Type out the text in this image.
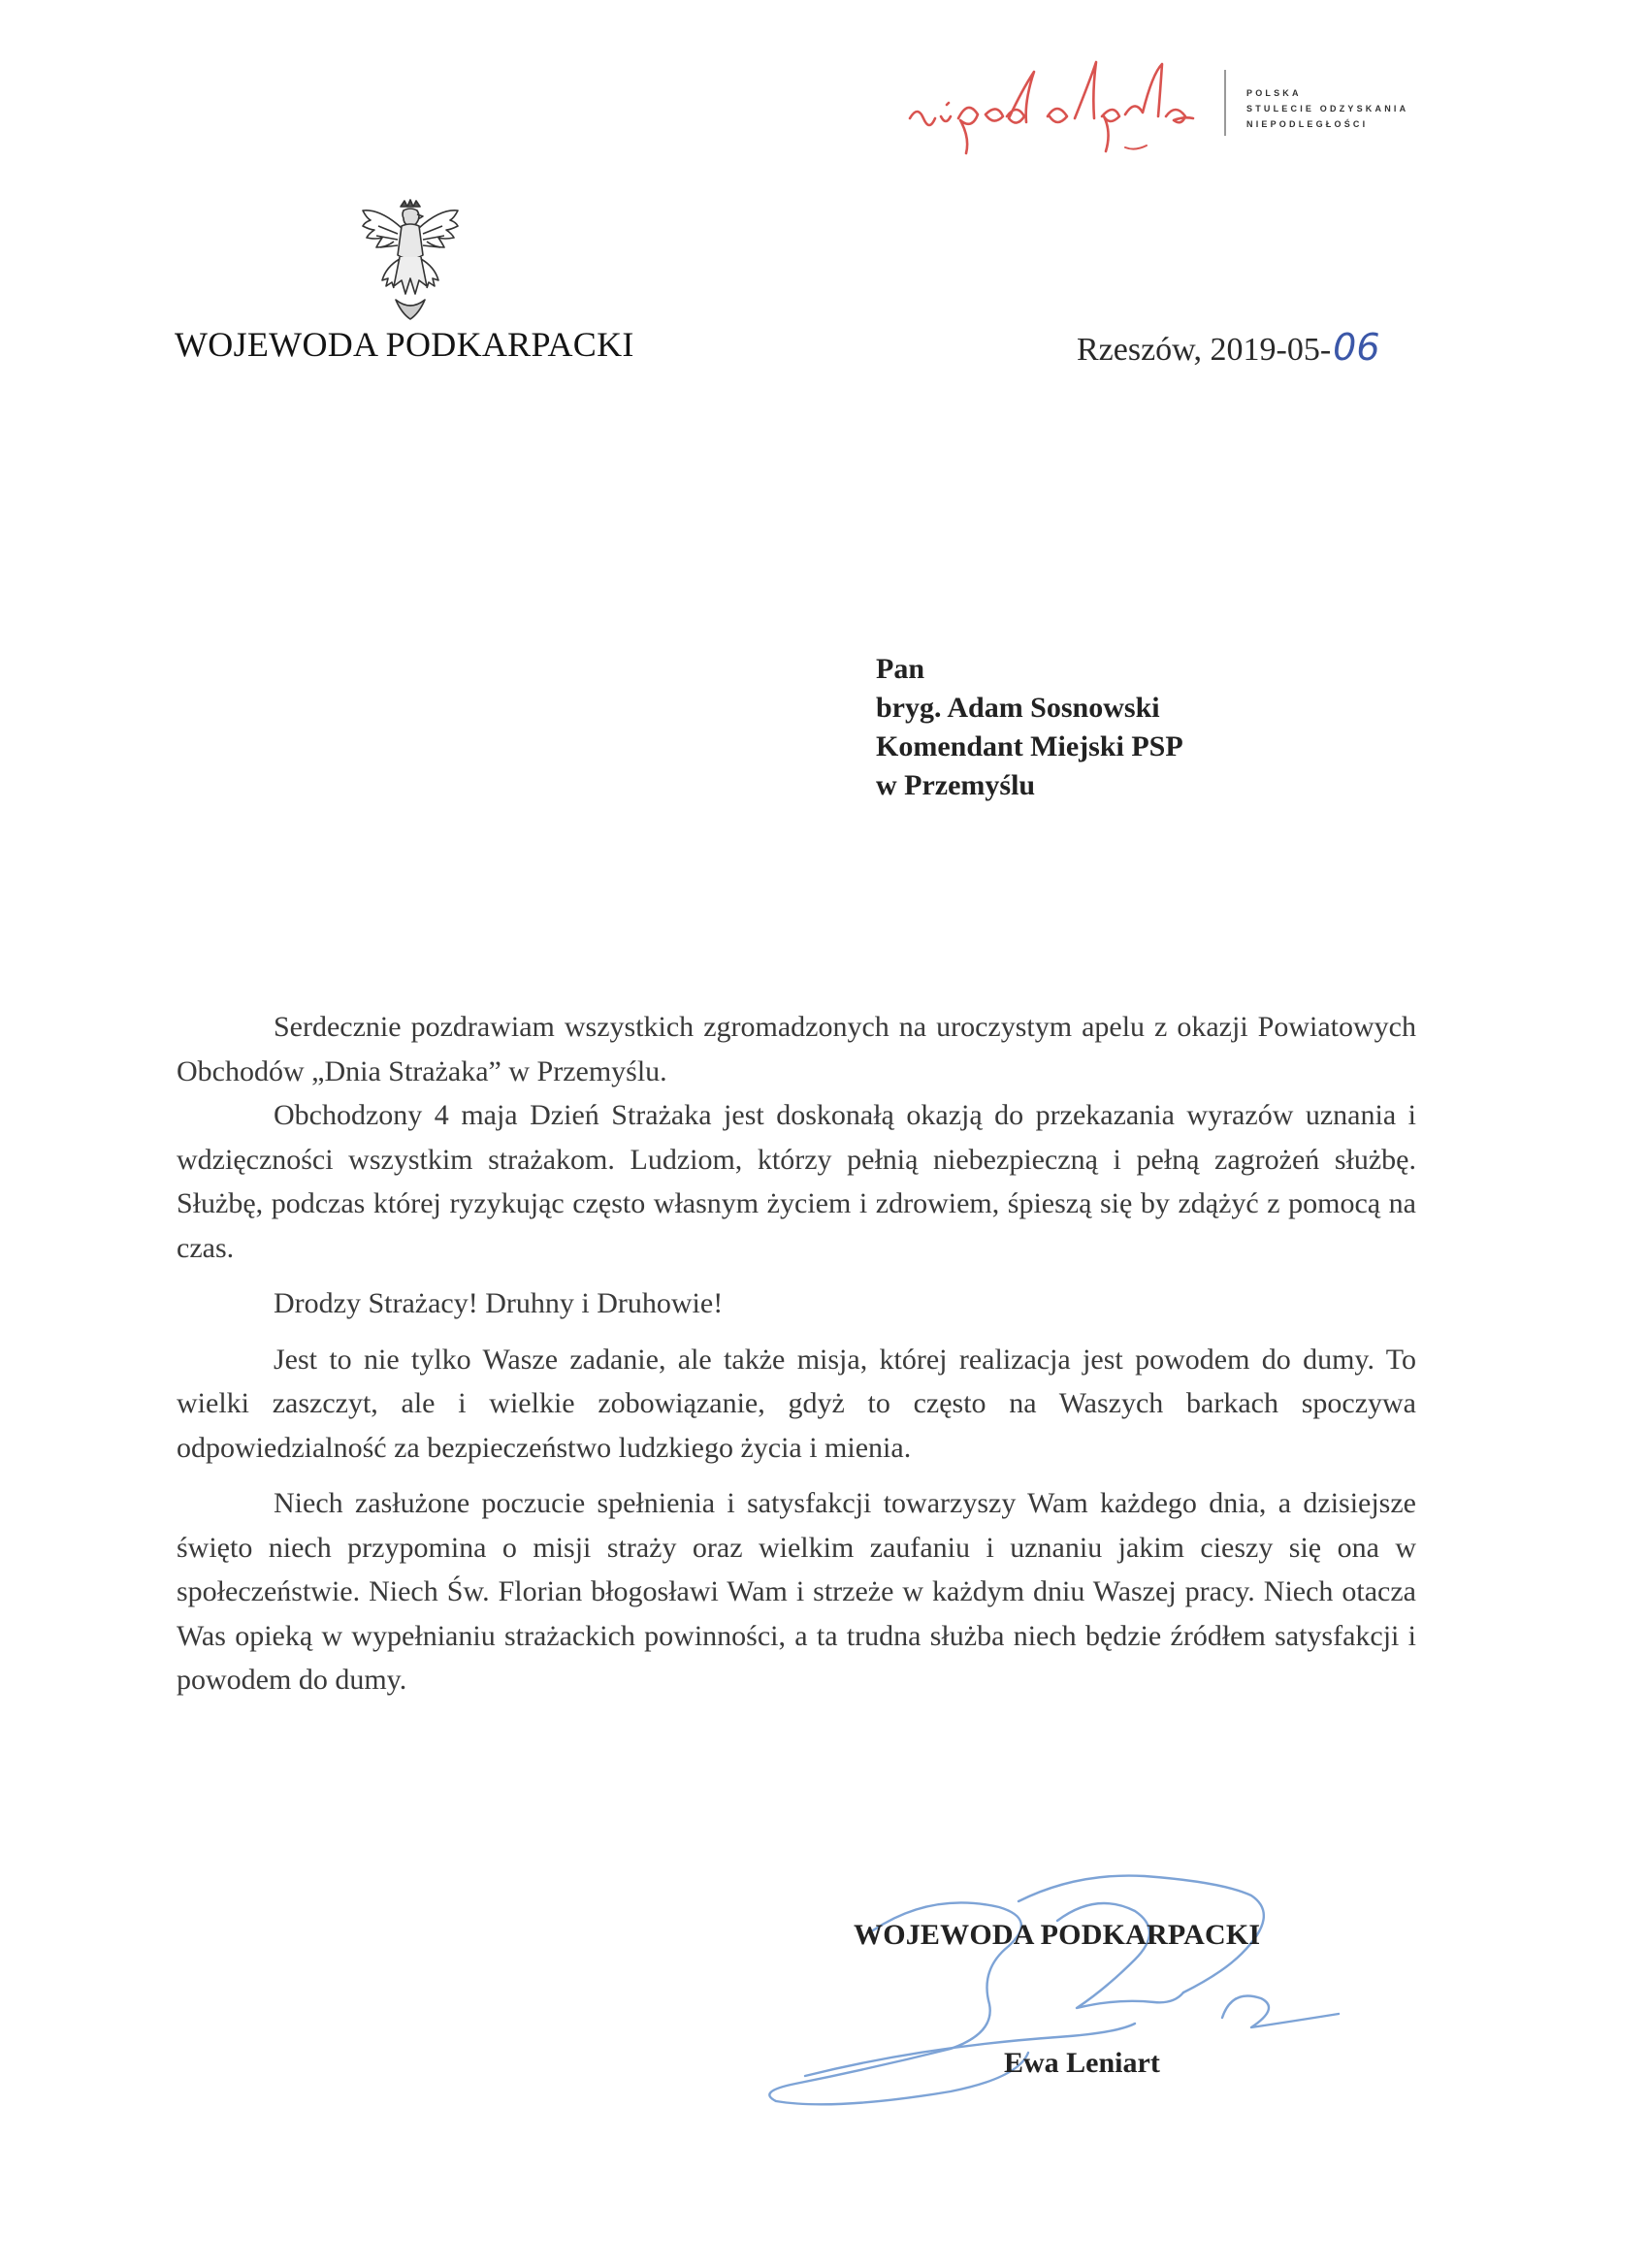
POLSKA
STULECIE ODZYSKANIA
NIEPODLEGŁOŚCI
WOJEWODA PODKARPACKI	Rzeszów, 2019-05-06
Pan
bryg. Adam Sosnowski
Komendant Miejski PSP
w Przemyślu

Serdecznie pozdrawiam wszystkich zgromadzonych na uroczystym apelu z okazji Powiatowych Obchodów „Dnia Strażaka” w Przemyślu.

Obchodzony 4 maja Dzień Strażaka jest doskonałą okazją do przekazania wyrazów uznania i wdzięczności wszystkim strażakom. Ludziom, którzy pełnią niebezpieczną i pełną zagrożeń służbę. Służbę, podczas której ryzykując często własnym życiem i zdrowiem, śpieszą się by zdążyć z pomocą na czas.

Drodzy Strażacy! Druhny i Druhowie!

Jest to nie tylko Wasze zadanie, ale także misja, której realizacja jest powodem do dumy. To wielki zaszczyt, ale i wielkie zobowiązanie, gdyż to często na Waszych barkach spoczywa odpowiedzialność za bezpieczeństwo ludzkiego życia i mienia.

Niech zasłużone poczucie spełnienia i satysfakcji towarzyszy Wam każdego dnia, a dzisiejsze święto niech przypomina o misji straży oraz wielkim zaufaniu i uznaniu jakim cieszy się ona w społeczeństwie. Niech Św. Florian błogosławi Wam i strzeże w każdym dniu Waszej pracy. Niech otacza Was opieką w wypełnianiu strażackich powinności, a ta trudna służba niech będzie źródłem satysfakcji i powodem do dumy.

WOJEWODA PODKARPACKI
Ewa Leniart
